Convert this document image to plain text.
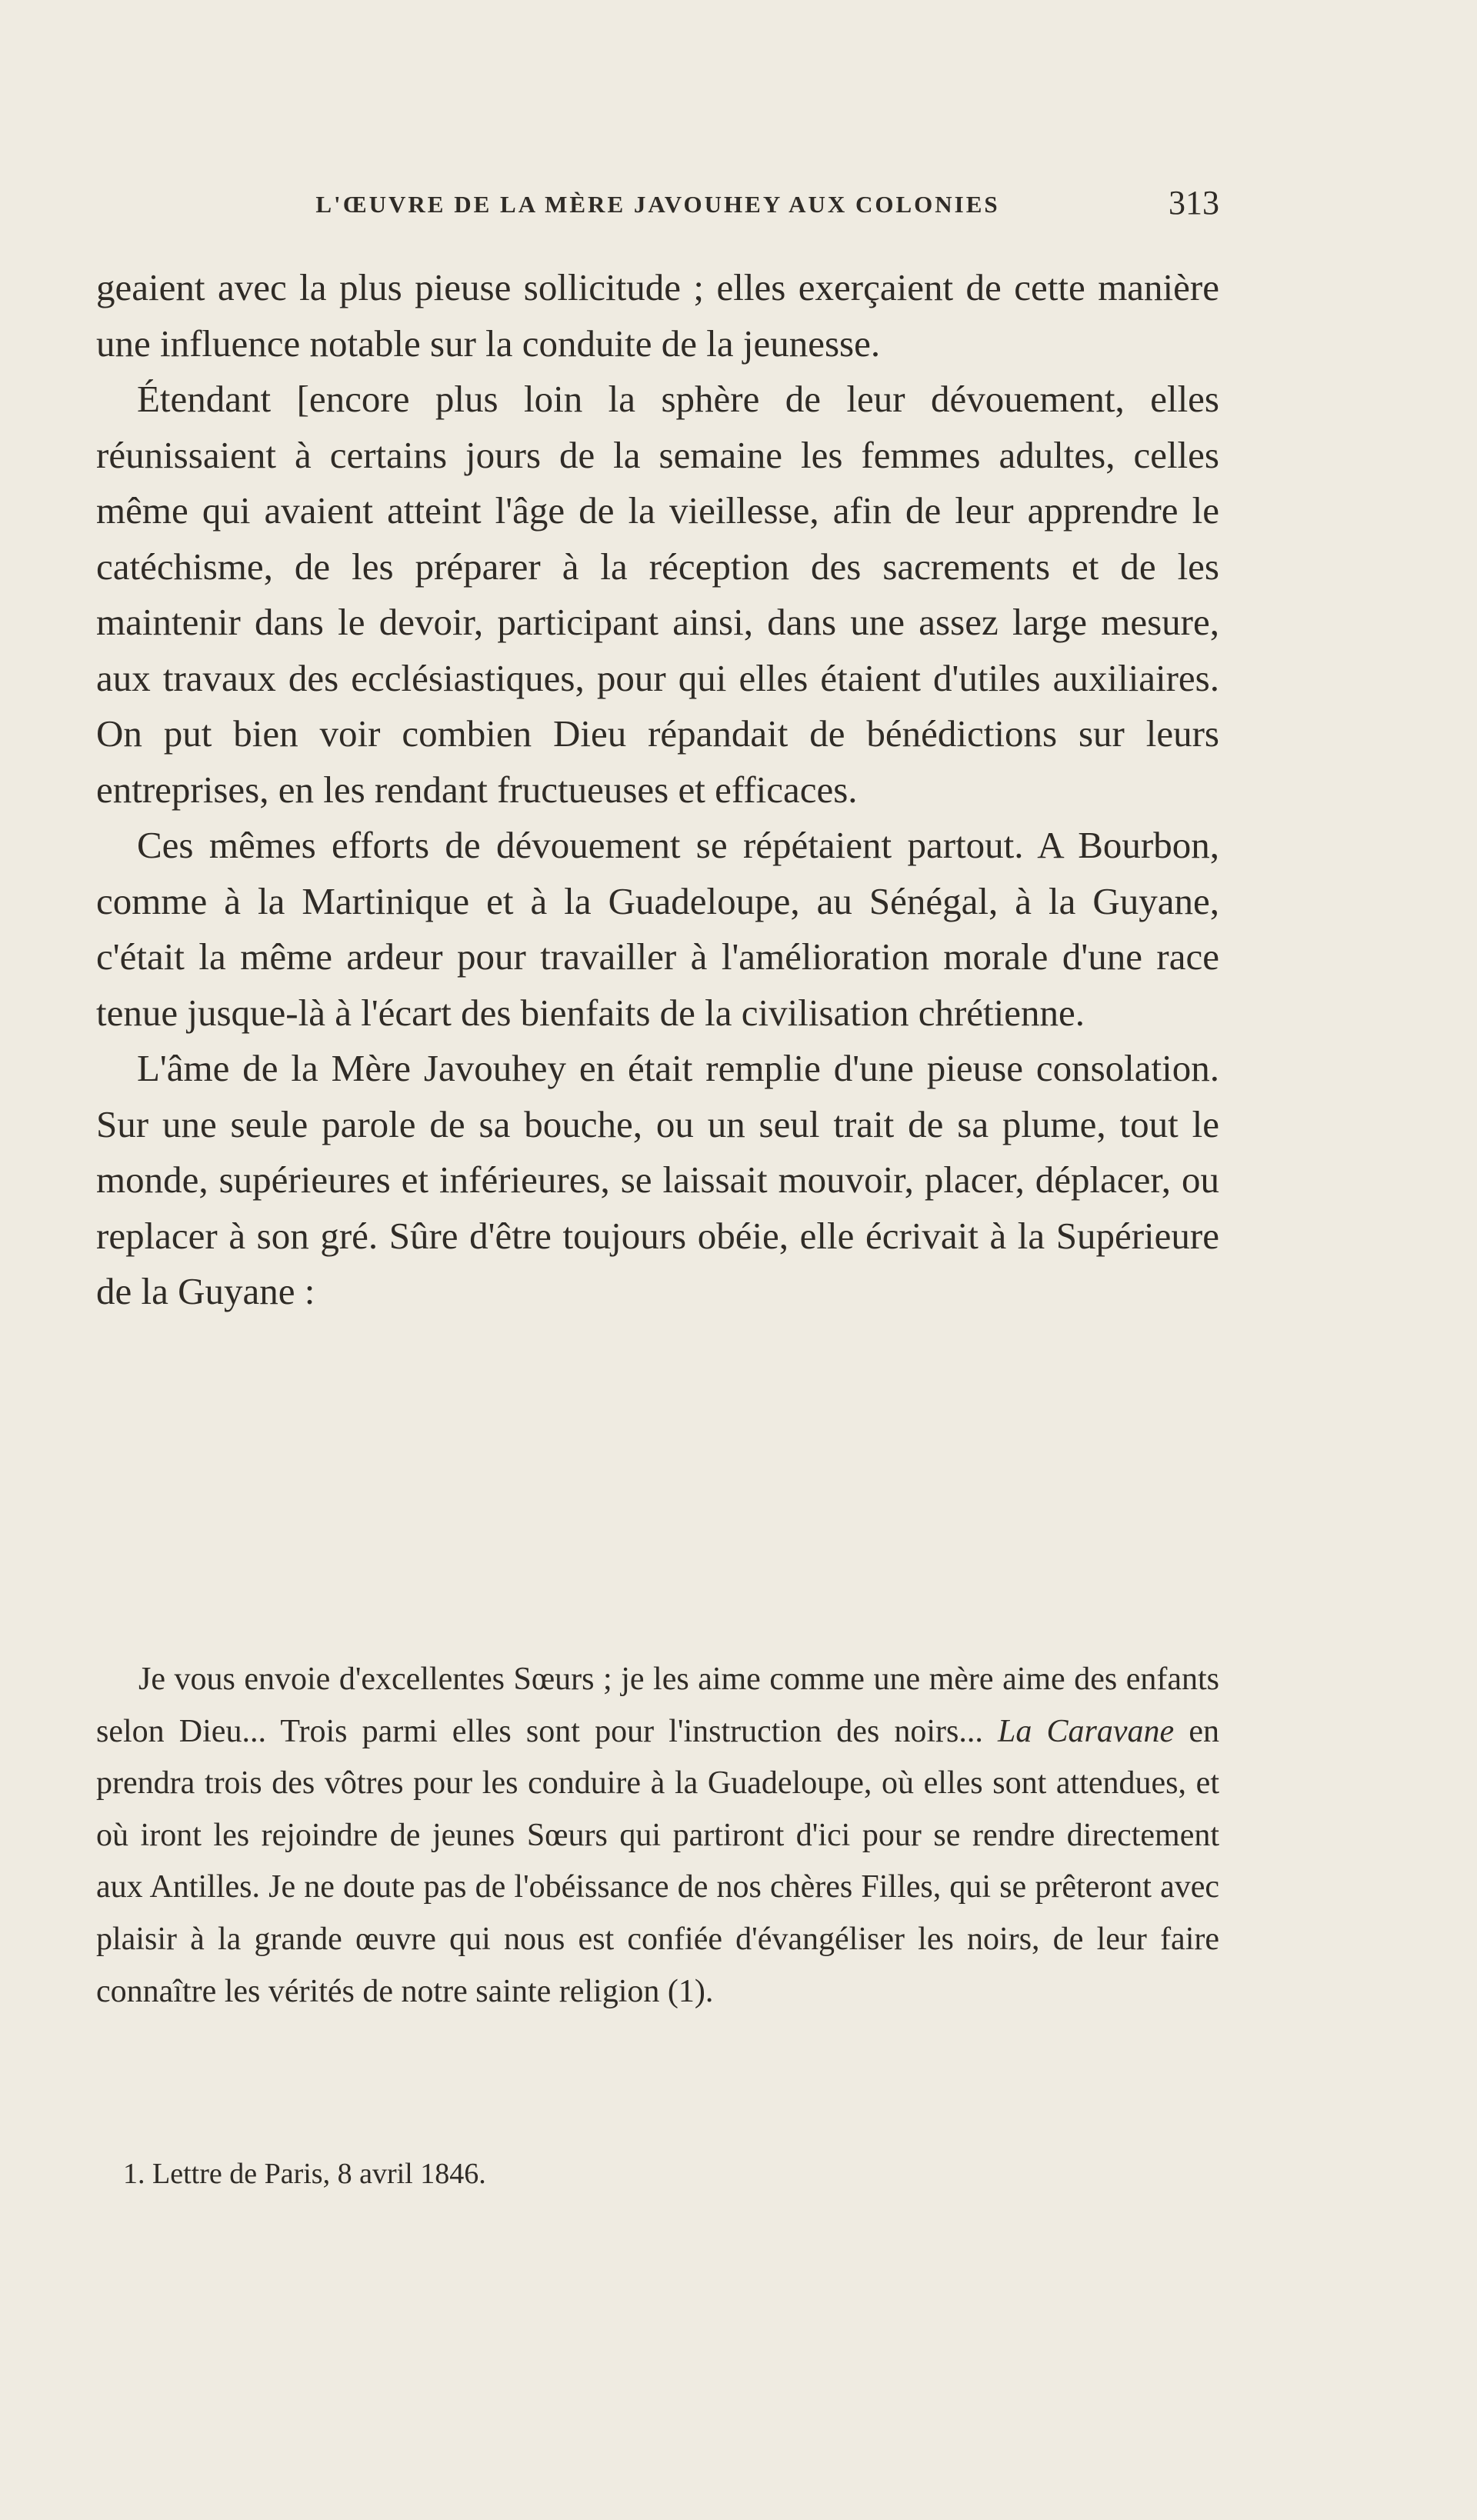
L'ŒUVRE DE LA MÈRE JAVOUHEY AUX COLONIES	313

geaient avec la plus pieuse sollicitude ; elles exerçaient de cette manière une influence notable sur la conduite de la jeunesse.

Étendant [encore plus loin la sphère de leur dévouement, elles réunissaient à certains jours de la semaine les femmes adultes, celles même qui avaient atteint l'âge de la vieillesse, afin de leur apprendre le catéchisme, de les préparer à la réception des sacrements et de les maintenir dans le devoir, participant ainsi, dans une assez large mesure, aux travaux des ecclésiastiques, pour qui elles étaient d'utiles auxiliaires. On put bien voir combien Dieu répandait de bénédictions sur leurs entreprises, en les rendant fructueuses et efficaces.

Ces mêmes efforts de dévouement se répétaient partout. A Bourbon, comme à la Martinique et à la Guadeloupe, au Sénégal, à la Guyane, c'était la même ardeur pour travailler à l'amélioration morale d'une race tenue jusque-là à l'écart des bienfaits de la civilisation chrétienne.

L'âme de la Mère Javouhey en était remplie d'une pieuse consolation. Sur une seule parole de sa bouche, ou un seul trait de sa plume, tout le monde, supérieures et inférieures, se laissait mouvoir, placer, déplacer, ou replacer à son gré. Sûre d'être toujours obéie, elle écrivait à la Supérieure de la Guyane :

Je vous envoie d'excellentes Sœurs ; je les aime comme une mère aime des enfants selon Dieu... Trois parmi elles sont pour l'instruction des noirs... La Caravane en prendra trois des vôtres pour les conduire à la Guadeloupe, où elles sont attendues, et où iront les rejoindre de jeunes Sœurs qui partiront d'ici pour se rendre directement aux Antilles. Je ne doute pas de l'obéissance de nos chères Filles, qui se prêteront avec plaisir à la grande œuvre qui nous est confiée d'évangéliser les noirs, de leur faire connaître les vérités de notre sainte religion (1).

1. Lettre de Paris, 8 avril 1846.
